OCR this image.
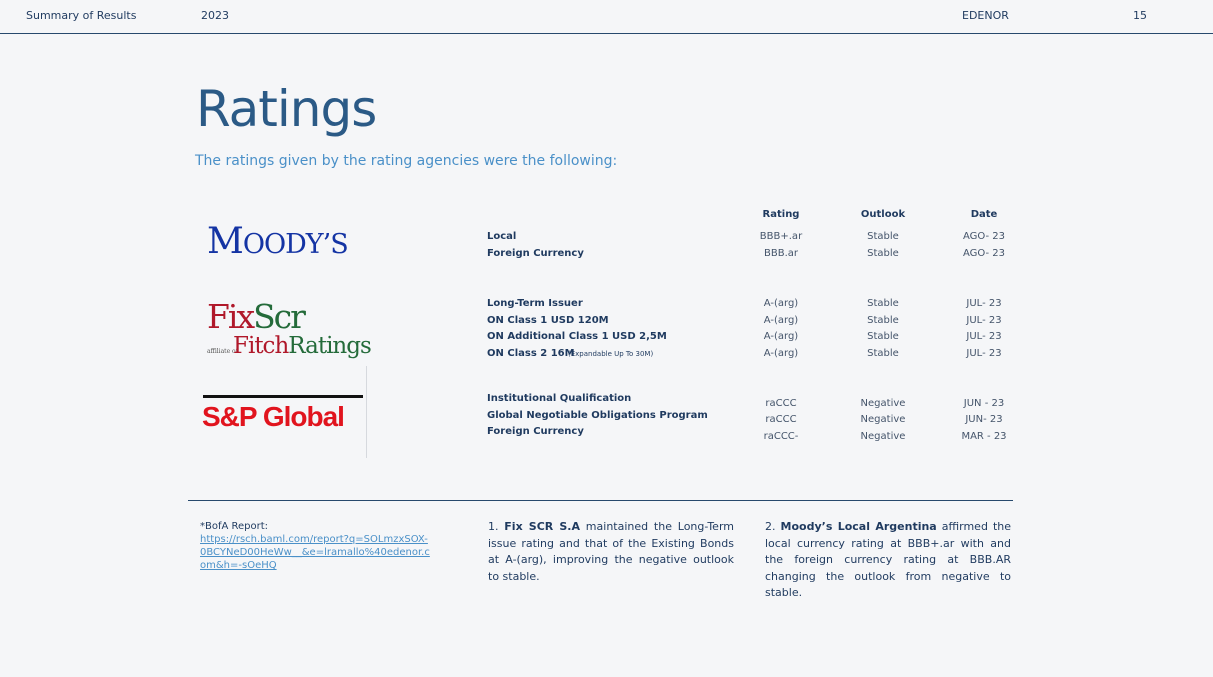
Summary of Results	2023	EDENOR	15
Ratings

The ratings given by the rating agencies were the following:

MOODY’S
FixScr
affiliate of
FitchRatings
S&P Global
Rating	Outlook	Date
Local	BBB+.ar	Stable	AGO- 23
Foreign Currency	BBB.ar	Stable	AGO- 23
Long-Term Issuer	A-(arg)	Stable	JUL- 23
ON Class 1 USD 120M	A-(arg)	Stable	JUL- 23
ON Additional Class 1 USD 2,5M	A-(arg)	Stable	JUL- 23
ON Class 2 16M
(Expandable Up To 30M)	A-(arg)	Stable	JUL- 23
Institutional Qualification	raCCC	Negative	JUN - 23
Global Negotiable Obligations Program	raCCC	Negative	JUN- 23
Foreign Currency	raCCC-	Negative	MAR - 23
*BofA Report:
https://rsch.baml.com/report?q=SOLmzxSOX-0BCYNeD00HeWw__&e=lramallo%40edenor.com&h=-sOeHQ
1. Fix SCR S.A maintained the Long-Term issue rating and that of the Existing Bonds at A-(arg), improving the negative outlook to stable.
2. Moody’s Local Argentina affirmed the local currency rating at BBB+.ar with and the foreign currency rating at BBB.AR changing the outlook from negative to stable.
